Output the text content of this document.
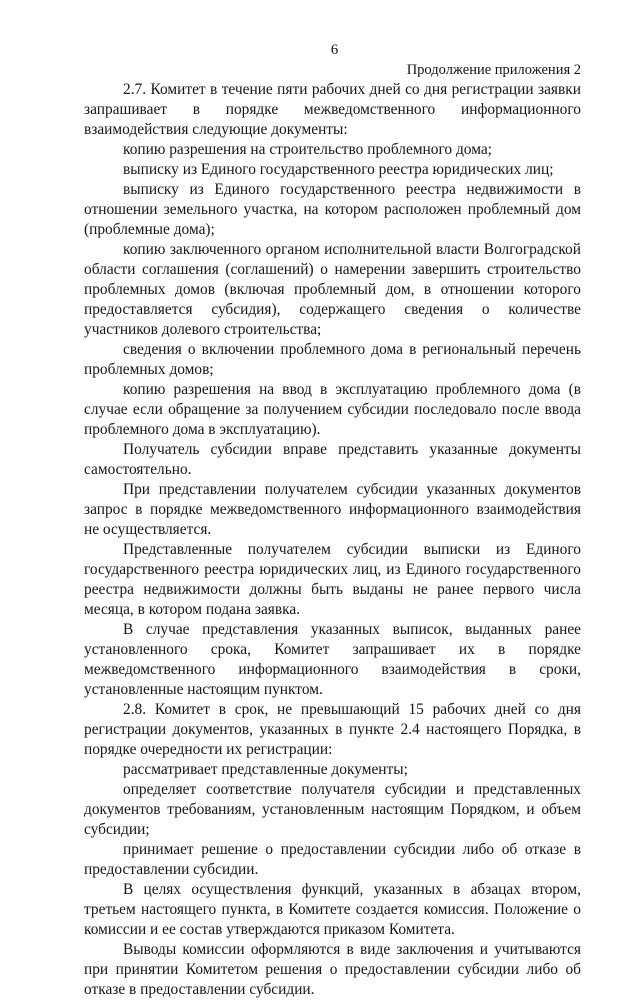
6
Продолжение приложения 2

2.7. Комитет в течение пяти рабочих дней со дня регистрации заявки запрашивает в порядке межведомственного информационного взаимодействия следующие документы:

копию разрешения на строительство проблемного дома;

выписку из Единого государственного реестра юридических лиц;

выписку из Единого государственного реестра недвижимости в отношении земельного участка, на котором расположен проблемный дом (проблемные дома);

копию заключенного органом исполнительной власти Волгоградской области соглашения (соглашений) о намерении завершить строительство проблемных домов (включая проблемный дом, в отношении которого предоставляется субсидия), содержащего сведения о количестве участников долевого строительства;

сведения о включении проблемного дома в региональный перечень проблемных домов;

копию разрешения на ввод в эксплуатацию проблемного дома (в случае если обращение за получением субсидии последовало после ввода проблемного дома в эксплуатацию).

Получатель субсидии вправе представить указанные документы самостоятельно.

При представлении получателем субсидии указанных документов запрос в порядке межведомственного информационного взаимодействия не осуществляется.

Представленные получателем субсидии выписки из Единого государственного реестра юридических лиц, из Единого государственного реестра недвижимости должны быть выданы не ранее первого числа месяца, в котором подана заявка.

В случае представления указанных выписок, выданных ранее установленного срока, Комитет запрашивает их в порядке межведомственного информационного взаимодействия в сроки, установленные настоящим пунктом.

2.8. Комитет в срок, не превышающий 15 рабочих дней со дня регистрации документов, указанных в пункте 2.4 настоящего Порядка, в порядке очередности их регистрации:

рассматривает представленные документы;

определяет соответствие получателя субсидии и представленных документов требованиям, установленным настоящим Порядком, и объем субсидии;

принимает решение о предоставлении субсидии либо об отказе в предоставлении субсидии.

В целях осуществления функций, указанных в абзацах втором, третьем настоящего пункта, в Комитете создается комиссия. Положение о комиссии и ее состав утверждаются приказом Комитета.

Выводы комиссии оформляются в виде заключения и учитываются при принятии Комитетом решения о предоставлении субсидии либо об отказе в предоставлении субсидии.
